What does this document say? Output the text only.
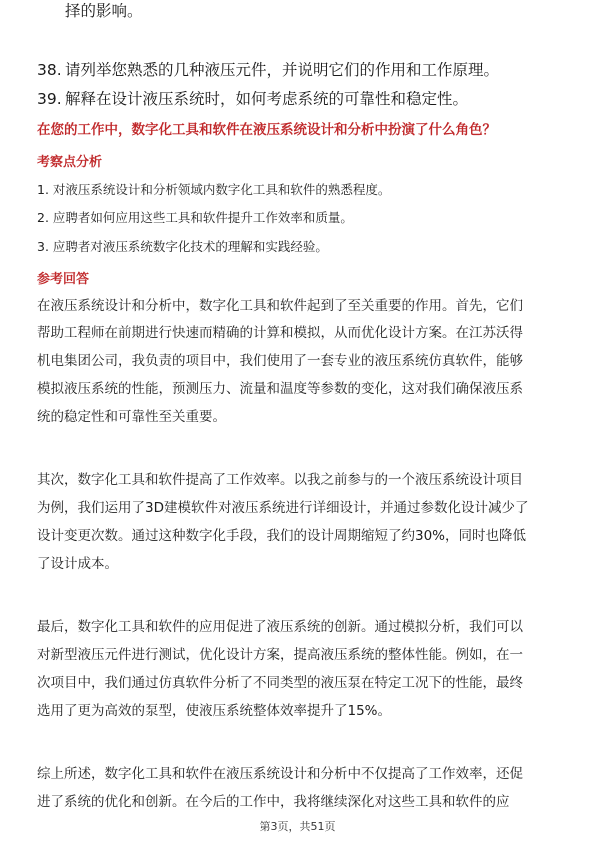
择的影响。
38. 请列举您熟悉的几种液压元件，并说明它们的作用和工作原理。
39. 解释在设计液压系统时，如何考虑系统的可靠性和稳定性。
在您的工作中，数字化工具和软件在液压系统设计和分析中扮演了什么角色？
考察点分析
1. 对液压系统设计和分析领域内数字化工具和软件的熟悉程度。
2. 应聘者如何应用这些工具和软件提升工作效率和质量。
3. 应聘者对液压系统数字化技术的理解和实践经验。
参考回答
在液压系统设计和分析中，数字化工具和软件起到了至关重要的作用。首先，它们
帮助工程师在前期进行快速而精确的计算和模拟，从而优化设计方案。在江苏沃得
机电集团公司，我负责的项目中，我们使用了一套专业的液压系统仿真软件，能够
模拟液压系统的性能，预测压力、流量和温度等参数的变化，这对我们确保液压系
统的稳定性和可靠性至关重要。
其次，数字化工具和软件提高了工作效率。以我之前参与的一个液压系统设计项目
为例，我们运用了3D建模软件对液压系统进行详细设计，并通过参数化设计减少了
设计变更次数。通过这种数字化手段，我们的设计周期缩短了约30%，同时也降低
了设计成本。
最后，数字化工具和软件的应用促进了液压系统的创新。通过模拟分析，我们可以
对新型液压元件进行测试，优化设计方案，提高液压系统的整体性能。例如，在一
次项目中，我们通过仿真软件分析了不同类型的液压泵在特定工况下的性能，最终
选用了更为高效的泵型，使液压系统整体效率提升了15%。
综上所述，数字化工具和软件在液压系统设计和分析中不仅提高了工作效率，还促
进了系统的优化和创新。在今后的工作中，我将继续深化对这些工具和软件的应
第3页，共51页
